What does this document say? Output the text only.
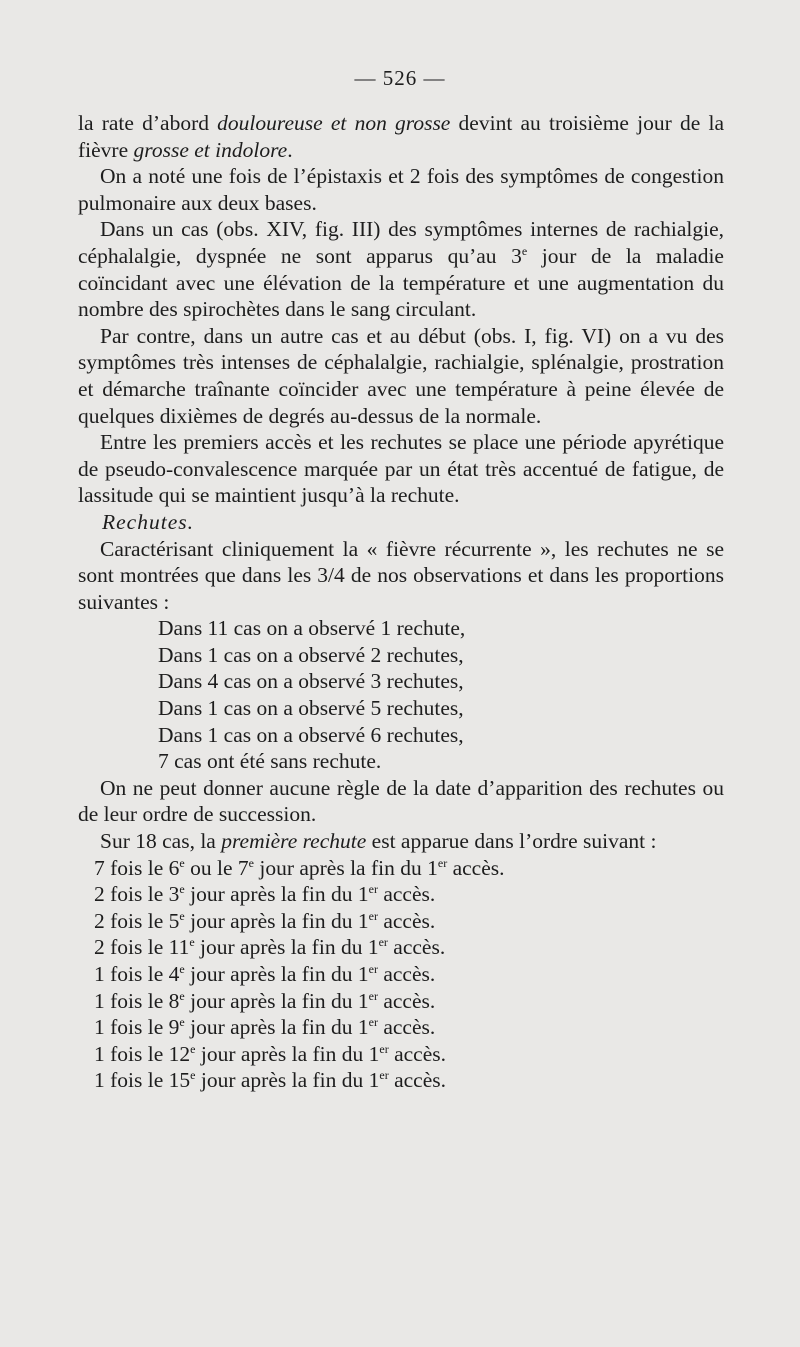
— 526 —

la rate d’abord douloureuse et non grosse devint au troisième jour de la fièvre grosse et indolore.

On a noté une fois de l’épistaxis et 2 fois des symptômes de congestion pulmonaire aux deux bases.

Dans un cas (obs. XIV, fig. III) des symptômes internes de rachialgie, céphalalgie, dyspnée ne sont apparus qu’au 3e jour de la maladie coïncidant avec une élévation de la température et une augmentation du nombre des spirochètes dans le sang circulant.

Par contre, dans un autre cas et au début (obs. I, fig. VI) on a vu des symptômes très intenses de céphalalgie, rachialgie, splénalgie, prostration et démarche traînante coïncider avec une température à peine élevée de quelques dixièmes de degrés au-dessus de la normale.

Entre les premiers accès et les rechutes se place une période apyrétique de pseudo-convalescence marquée par un état très accentué de fatigue, de lassitude qui se maintient jusqu’à la rechute.

Rechutes.

Caractérisant cliniquement la « fièvre récurrente », les rechutes ne se sont montrées que dans les 3/4 de nos observations et dans les proportions suivantes :

Dans 11 cas on a observé 1 rechute,
Dans 1 cas on a observé 2 rechutes,
Dans 4 cas on a observé 3 rechutes,
Dans 1 cas on a observé 5 rechutes,
Dans 1 cas on a observé 6 rechutes,
7 cas ont été sans rechute.

On ne peut donner aucune règle de la date d’apparition des rechutes ou de leur ordre de succession.

Sur 18 cas, la première rechute est apparue dans l’ordre suivant :

7 fois le 6e ou le 7e jour après la fin du 1er accès.
2 fois le 3e jour après la fin du 1er accès.
2 fois le 5e jour après la fin du 1er accès.
2 fois le 11e jour après la fin du 1er accès.
1 fois le 4e jour après la fin du 1er accès.
1 fois le 8e jour après la fin du 1er accès.
1 fois le 9e jour après la fin du 1er accès.
1 fois le 12e jour après la fin du 1er accès.
1 fois le 15e jour après la fin du 1er accès.
